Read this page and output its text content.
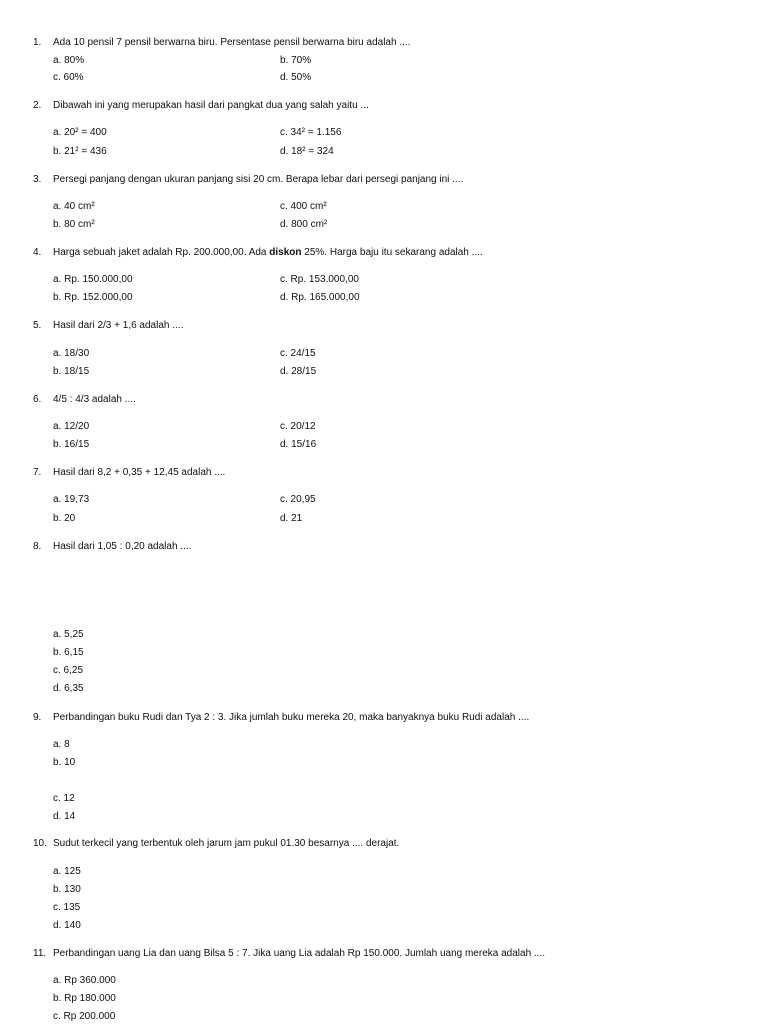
1. Ada 10 pensil 7 pensil berwarna biru. Persentase pensil berwarna biru adalah ....
a. 80%	b. 70%
c. 60%	d. 50%
2. Dibawah ini yang merupakan hasil dari pangkat dua yang salah yaitu ...
a. 20² = 400	c. 34² = 1.156
b. 21² = 436	d. 18² = 324
3. Persegi panjang dengan ukuran panjang sisi 20 cm. Berapa lebar dari persegi panjang ini ....
a. 40 cm²	c. 400 cm²
b. 80 cm²	d. 800 cm²
4. Harga sebuah jaket adalah Rp. 200.000,00. Ada diskon 25%. Harga baju itu sekarang adalah ....
a. Rp. 150.000,00	c. Rp. 153.000,00
b. Rp. 152.000,00	d. Rp. 165.000,00
5. Hasil dari 2/3 + 1,6 adalah ....
a. 18/30	c. 24/15
b. 18/15	d. 28/15
6. 4/5 : 4/3 adalah ....
a. 12/20	c. 20/12
b. 16/15	d. 15/16
7. Hasil dari 8,2 + 0,35 + 12,45 adalah ....
a. 19,73	c. 20,95
b. 20	d. 21
8. Hasil dari 1,05 : 0,20 adalah ....
a. 5,25
b. 6,15
c. 6,25
d. 6,35
9. Perbandingan buku Rudi dan Tya 2 : 3. Jika jumlah buku mereka 20, maka banyaknya buku Rudi adalah ....
a. 8
b. 10
c. 12
d. 14
10. Sudut terkecil yang terbentuk oleh jarum jam pukul 01.30 besarnya .... derajat.
a. 125
b. 130
c. 135
d. 140
11. Perbandingan uang Lia dan uang Bilsa 5 : 7. Jika uang Lia adalah Rp 150.000. Jumlah uang mereka adalah ....
a. Rp 360.000
b. Rp 180.000
c. Rp 200.000
